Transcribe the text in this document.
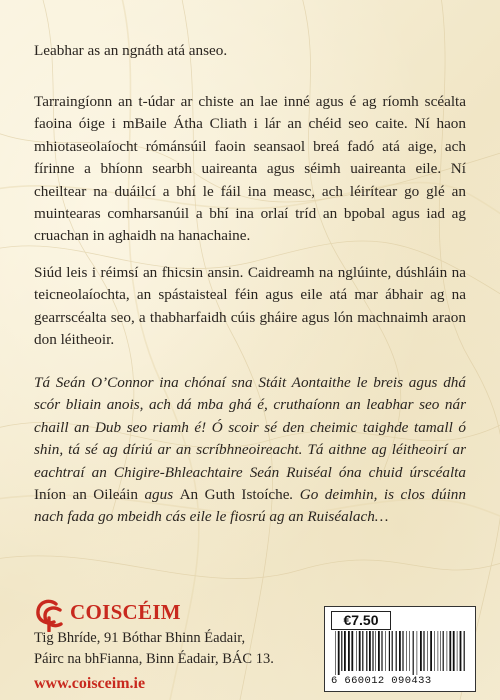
Leabhar as an ngnáth atá anseo.

Tarraingíonn an t-údar ar chiste an lae inné agus é ag ríomh scéalta faoina óige i mBaile Átha Cliath i lár an chéid seo caite. Ní haon mhiotaseolaíocht rómánsúil faoin seansaol breá fadó atá aige, ach fírinne a bhíonn searbh uaireanta agus séimh uaireanta eile. Ní cheiltear na duáilcí a bhí le fáil ina measc, ach léirítear go glé an muintearas comharsanúil a bhí ina orlaí tríd an bpobal agus iad ag cruachan in aghaidh na hanachaine.

Siúd leis i réimsí an fhicsin ansin. Caidreamh na nglúinte, dúshláin na teicneolaíochta, an spástaisteal féin agus eile atá mar ábhair ag na gearrscéalta seo, a thabharfaidh cúis gháire agus lón machnaimh araon don léitheoir.

Tá Seán O’Connor ina chónaí sna Stáit Aontaithe le breis agus dhá scór bliain anois, ach dá mba ghá é, cruthaíonn an leabhar seo nár chaill an Dub seo riamh é! Ó scoir sé den cheimic taighde tamall ó shin, tá sé ag díriú ar an scríbhneoireacht. Tá aithne ag léitheoirí ar eachtraí an Chigire-Bhleachtaire Seán Ruiséal óna chuid úrscéalta Iníon an Oileáin agus An Guth Istoíche. Go deimhin, is clos dúinn nach fada go mbeidh cás eile le fiosrú ag an Ruiséalach…

COISCÉIM
Tig Bhríde, 91 Bóthar Bhinn Éadair,
Páirc na bhFianna, Binn Éadair, BÁC 13.
www.coisceim.ie
€7.50
6 660012 090433
